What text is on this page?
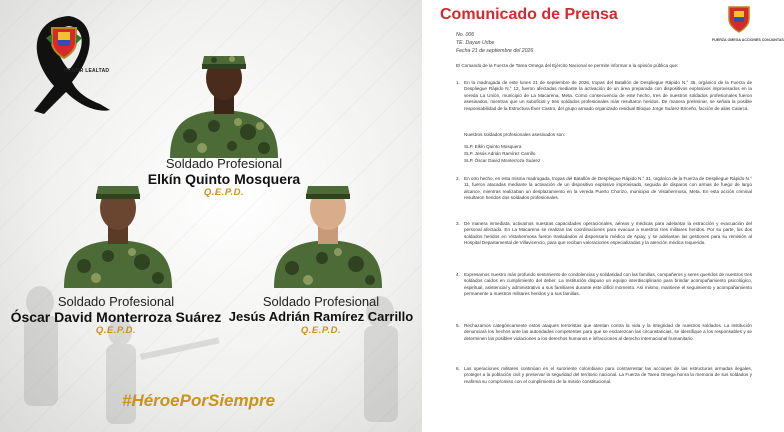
HONOR LEALTAD
Soldado Profesional
Elkín Quinto Mosquera
Q.E.P.D.
Soldado Profesional
Óscar David Monterroza Suárez
Q.E.P.D.
Soldado Profesional
Jesús Adrián Ramírez Carrillo
Q.E.P.D.
#HéroePorSiempre
Comunicado de Prensa
FUERZA OMEGA ACCIONES CONJUNTAS
No. 006
TE. Dayan Uribe
Fecha 21 de septiembre del 2026
El Comando de la Fuerza de Tarea Omega del Ejército Nacional se permite informar a la opinión pública que:
1. En la madrugada de este lunes 21 de septiembre de 2026, tropas del Batallón de Despliegue Rápido N.° 35, orgánico de la Fuerza de Despliegue Rápido N.° 12, fueron afectadas mediante la activación de un área preparada con dispositivos explosivos improvisados en la vereda La Unión, municipio de La Macarena, Meta. Como consecuencia de este hecho, tres de nuestros soldados profesionales fueron asesinados, mientras que un suboficial y tres soldados profesionales más resultaron heridos. De manera preliminar, se señala la posible responsabilidad de la Estructura Éver Castro, del grupo armado organizado residual Bloque Jorge Suárez Briceño, facción de alias Calarcá.
Nuestros soldados profesionales asesinados son:
SLP. Elkín Quinto Mosquera
SLP. Jesús Adrián Ramírez Carrillo
SLP. Óscar David Monterroza Suárez
2. En otro hecho, en esta misma madrugada, tropas del Batallón de Despliegue Rápido N.° 31, orgánico de la Fuerza de Despliegue Rápido N.° 11, fueron atacadas mediante la activación de un dispositivo explosivo improvisado, seguida de disparos con armas de fuego de largo alcance, mientras realizaban un desplazamiento en la vereda Puerto Chorizo, municipio de Vistahermosa, Meta. En esta acción criminal resultaron heridos dos soldados profesionales.
3. De manera inmediata, activamos nuestras capacidades operacionales, aéreas y médicas para adelantar la extracción y evacuación del personal afectado. En La Macarena se realizan las coordinaciones para evacuar a nuestros tres militares heridos. Por su parte, los dos soldados heridos en Vistahermosa fueron trasladados al dispensario médico de Apiay, y se adelantan las gestiones para su remisión al Hospital Departamental de Villavicencio, para que reciban valoraciones especializadas y la atención médica requerida.
4. Expresamos nuestro más profundo sentimiento de condolencias y solidaridad con las familias, compañeros y seres queridos de nuestros tres soldados caídos en cumplimiento del deber. La Institución dispuso un equipo interdisciplinario para brindar acompañamiento psicológico, espiritual, asistencial y administrativo a sus familiares durante este difícil momento. Así mismo, mantiene el seguimiento y acompañamiento permanente a nuestros militares heridos y a sus familias.
5. Rechazamos categóricamente estos ataques terroristas que atentan contra la vida y la integridad de nuestros soldados. La institución denunciará los hechos ante las autoridades competentes para que se esclarezcan las circunstancias, se identifique a los responsables y se determinen las posibles violaciones a los derechos humanos e infracciones al derecho internacional humanitario.
6. Las operaciones militares continúan en el suroriente colombiano para contrarrestar las acciones de las estructuras armadas ilegales, proteger a la población civil y preservar la seguridad del territorio nacional. La Fuerza de Tarea Omega honra la memoria de sus soldados y reafirma su compromiso con el cumplimiento de la misión constitucional.
